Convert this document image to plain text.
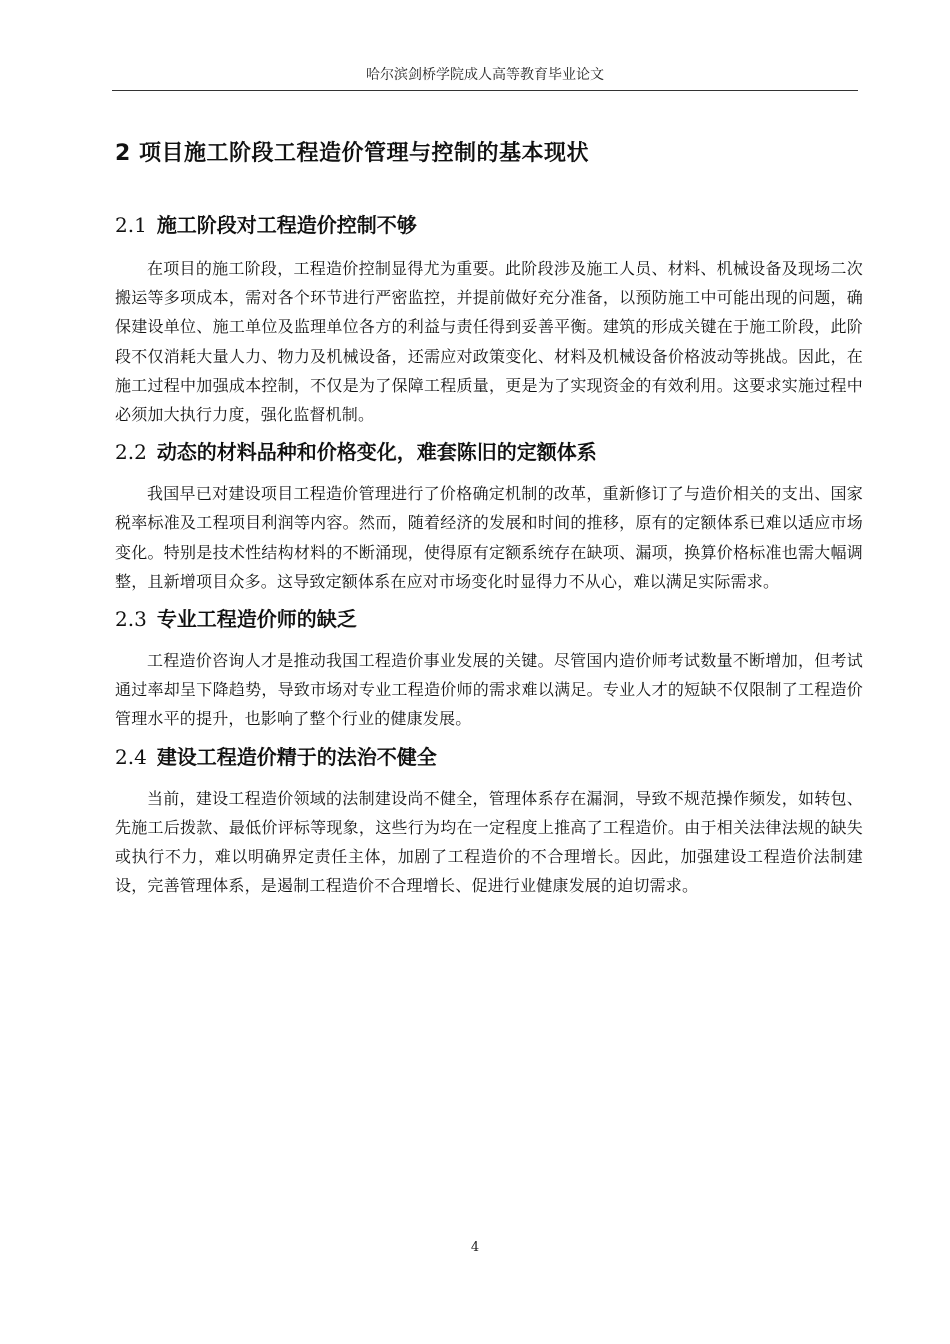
哈尔滨剑桥学院成人高等教育毕业论文
2 项目施工阶段工程造价管理与控制的基本现状
2.1 施工阶段对工程造价控制不够

在项目的施工阶段，工程造价控制显得尤为重要。此阶段涉及施工人员、材料、机械设备及现场二次搬运等多项成本，需对各个环节进行严密监控，并提前做好充分准备，以预防施工中可能出现的问题，确保建设单位、施工单位及监理单位各方的利益与责任得到妥善平衡。建筑的形成关键在于施工阶段，此阶段不仅消耗大量人力、物力及机械设备，还需应对政策变化、材料及机械设备价格波动等挑战。因此，在施工过程中加强成本控制，不仅是为了保障工程质量，更是为了实现资金的有效利用。这要求实施过程中必须加大执行力度，强化监督机制。

2.2 动态的材料品种和价格变化，难套陈旧的定额体系

我国早已对建设项目工程造价管理进行了价格确定机制的改革，重新修订了与造价相关的支出、国家税率标准及工程项目利润等内容。然而，随着经济的发展和时间的推移，原有的定额体系已难以适应市场变化。特别是技术性结构材料的不断涌现，使得原有定额系统存在缺项、漏项，换算价格标准也需大幅调整，且新增项目众多。这导致定额体系在应对市场变化时显得力不从心，难以满足实际需求。

2.3 专业工程造价师的缺乏

工程造价咨询人才是推动我国工程造价事业发展的关键。尽管国内造价师考试数量不断增加，但考试通过率却呈下降趋势，导致市场对专业工程造价师的需求难以满足。专业人才的短缺不仅限制了工程造价管理水平的提升，也影响了整个行业的健康发展。

2.4 建设工程造价精于的法治不健全

当前，建设工程造价领域的法制建设尚不健全，管理体系存在漏洞，导致不规范操作频发，如转包、先施工后拨款、最低价评标等现象，这些行为均在一定程度上推高了工程造价。由于相关法律法规的缺失或执行不力，难以明确界定责任主体，加剧了工程造价的不合理增长。因此，加强建设工程造价法制建设，完善管理体系，是遏制工程造价不合理增长、促进行业健康发展的迫切需求。

4
